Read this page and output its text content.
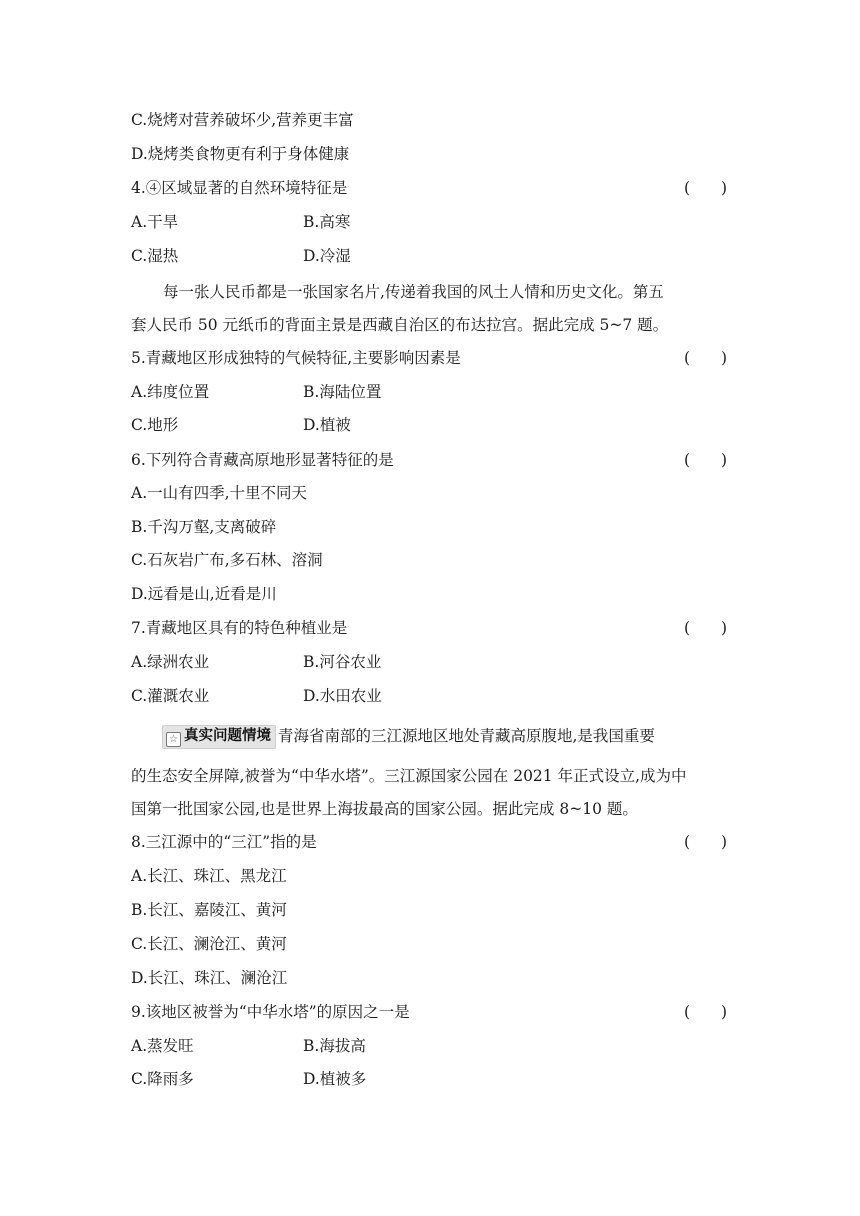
C.烧烤对营养破坏少,营养更丰富
D.烧烤类食物更有利于身体健康
4.④区域显著的自然环境特征是	(　　)
A.干旱	B.高寒
C.湿热	D.冷湿
每一张人民币都是一张国家名片,传递着我国的风土人情和历史文化。第五
套人民币 50 元纸币的背面主景是西藏自治区的布达拉宫。据此完成 5~7 题。
5.青藏地区形成独特的气候特征,主要影响因素是	(　　)
A.纬度位置	B.海陆位置
C.地形	D.植被
6.下列符合青藏高原地形显著特征的是	(　　)
A.一山有四季,十里不同天
B.千沟万壑,支离破碎
C.石灰岩广布,多石林、溶洞
D.远看是山,近看是川
7.青藏地区具有的特色种植业是	(　　)
A.绿洲农业	B.河谷农业
C.灌溉农业	D.水田农业
☆ 真实问题情境 青海省南部的三江源地区地处青藏高原腹地,是我国重要
的生态安全屏障,被誉为“中华水塔”。三江源国家公园在 2021 年正式设立,成为中
国第一批国家公园,也是世界上海拔最高的国家公园。据此完成 8~10 题。
8.三江源中的“三江”指的是	(　　)
A.长江、珠江、黑龙江
B.长江、嘉陵江、黄河
C.长江、澜沧江、黄河
D.长江、珠江、澜沧江
9.该地区被誉为“中华水塔”的原因之一是	(　　)
A.蒸发旺	B.海拔高
C.降雨多	D.植被多
